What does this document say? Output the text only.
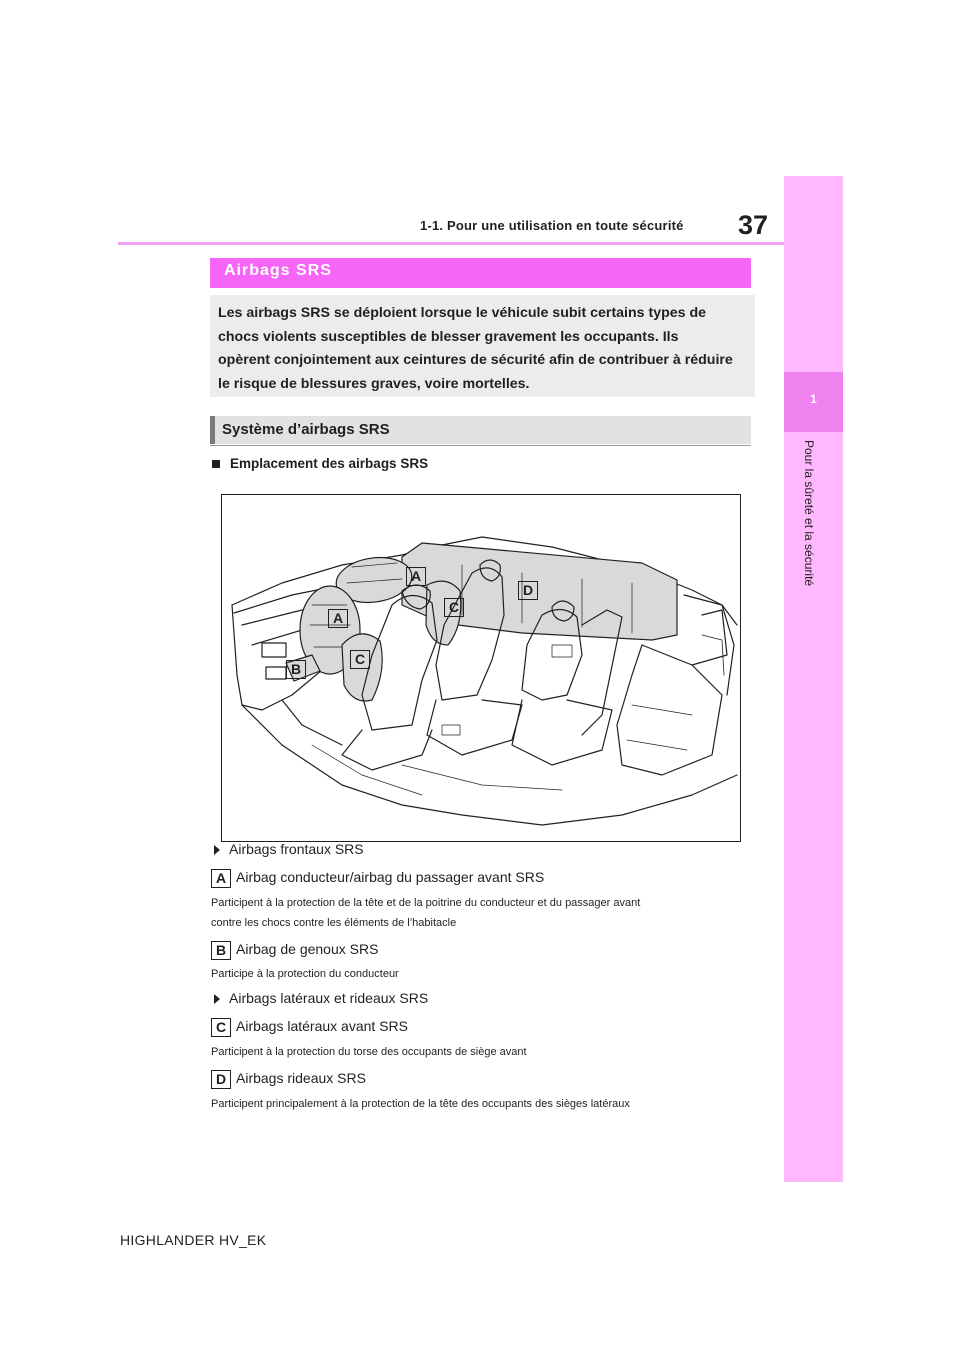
1
Pour la sûreté et la sécurité
1-1. Pour une utilisation en toute sécurité 37
Airbags SRS
Les airbags SRS se déploient lorsque le véhicule subit certains types de
chocs violents susceptibles de blesser gravement les occupants. Ils
opèrent conjointement aux ceintures de sécurité afin de contribuer à réduire
le risque de blessures graves, voire mortelles.
Système d’airbags SRS
Emplacement des airbags SRS
A
A
B
C
C
D
Airbags frontaux SRS
A Airbag conducteur/airbag du passager avant SRS
Participent à la protection de la tête et de la poitrine du conducteur et du passager avant
contre les chocs contre les éléments de l’habitacle
B Airbag de genoux SRS
Participe à la protection du conducteur
Airbags latéraux et rideaux SRS
C Airbags latéraux avant SRS
Participent à la protection du torse des occupants de siège avant
D Airbags rideaux SRS
Participent principalement à la protection de la tête des occupants des sièges latéraux
HIGHLANDER HV_EK
